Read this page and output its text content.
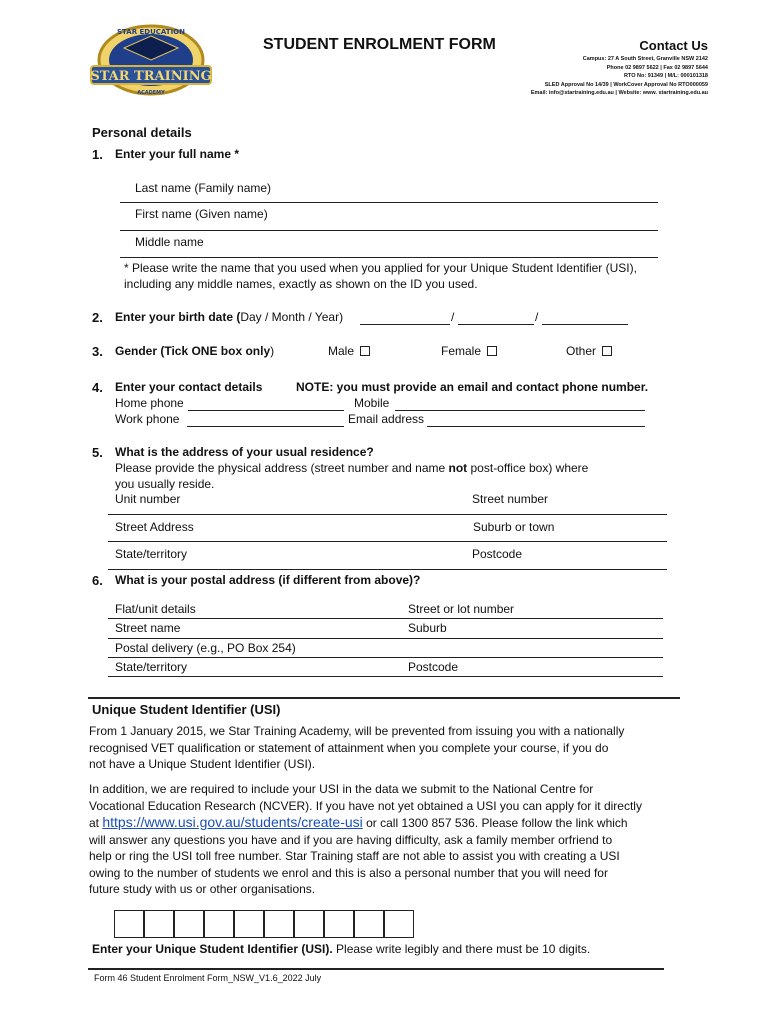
STAR TRAINING
STAR EDUCATION
ACADEMY
STUDENT ENROLMENT FORM	Contact Us
Campus: 27 A South Street, Granville NSW 2142
Phone 02 9897 5622 | Fax 02 9897 5644
RTO No: 91349 | M/L: 000101318
SLED Approval No 14/39 | WorkCover Approval No RTO000059
Email: info@startraining.edu.au | Website: www. startraining.edu.au
Personal details
1. Enter your full name *
Last name (Family name)
First name (Given name)
Middle name
* Please write the name that you used when you applied for your Unique Student Identifier (USI),
including any middle names, exactly as shown on the ID you used.
2. Enter your birth date (Day / Month / Year)	/	/
3. Gender (Tick ONE box only)	Male	Female	Other
4. Enter your contact details	NOTE: you must provide an email and contact phone number.
Home phone	Mobile
Work phone	Email address
5. What is the address of your usual residence?
Please provide the physical address (street number and name not post-office box) where
you usually reside.
Unit number	Street number
Street Address	Suburb or town
State/territory	Postcode
6. What is your postal address (if different from above)?
Flat/unit details	Street or lot number
Street name	Suburb
Postal delivery (e.g., PO Box 254)
State/territory	Postcode
Unique Student Identifier (USI)
From 1 January 2015, we Star Training Academy, will be prevented from issuing you with a nationally
recognised VET qualification or statement of attainment when you complete your course, if you do
not have a Unique Student Identifier (USI).
In addition, we are required to include your USI in the data we submit to the National Centre for
Vocational Education Research (NCVER). If you have not yet obtained a USI you can apply for it directly
at https://www.usi.gov.au/students/create-usi or call 1300 857 536. Please follow the link which
will answer any questions you have and if you are having difficulty, ask a family member orfriend to
help or ring the USI toll free number. Star Training staff are not able to assist you with creating a USI
owing to the number of students we enrol and this is also a personal number that you will need for
future study with us or other organisations.
Enter your Unique Student Identifier (USI). Please write legibly and there must be 10 digits.
Form 46 Student Enrolment Form_NSW_V1.6_2022 July
